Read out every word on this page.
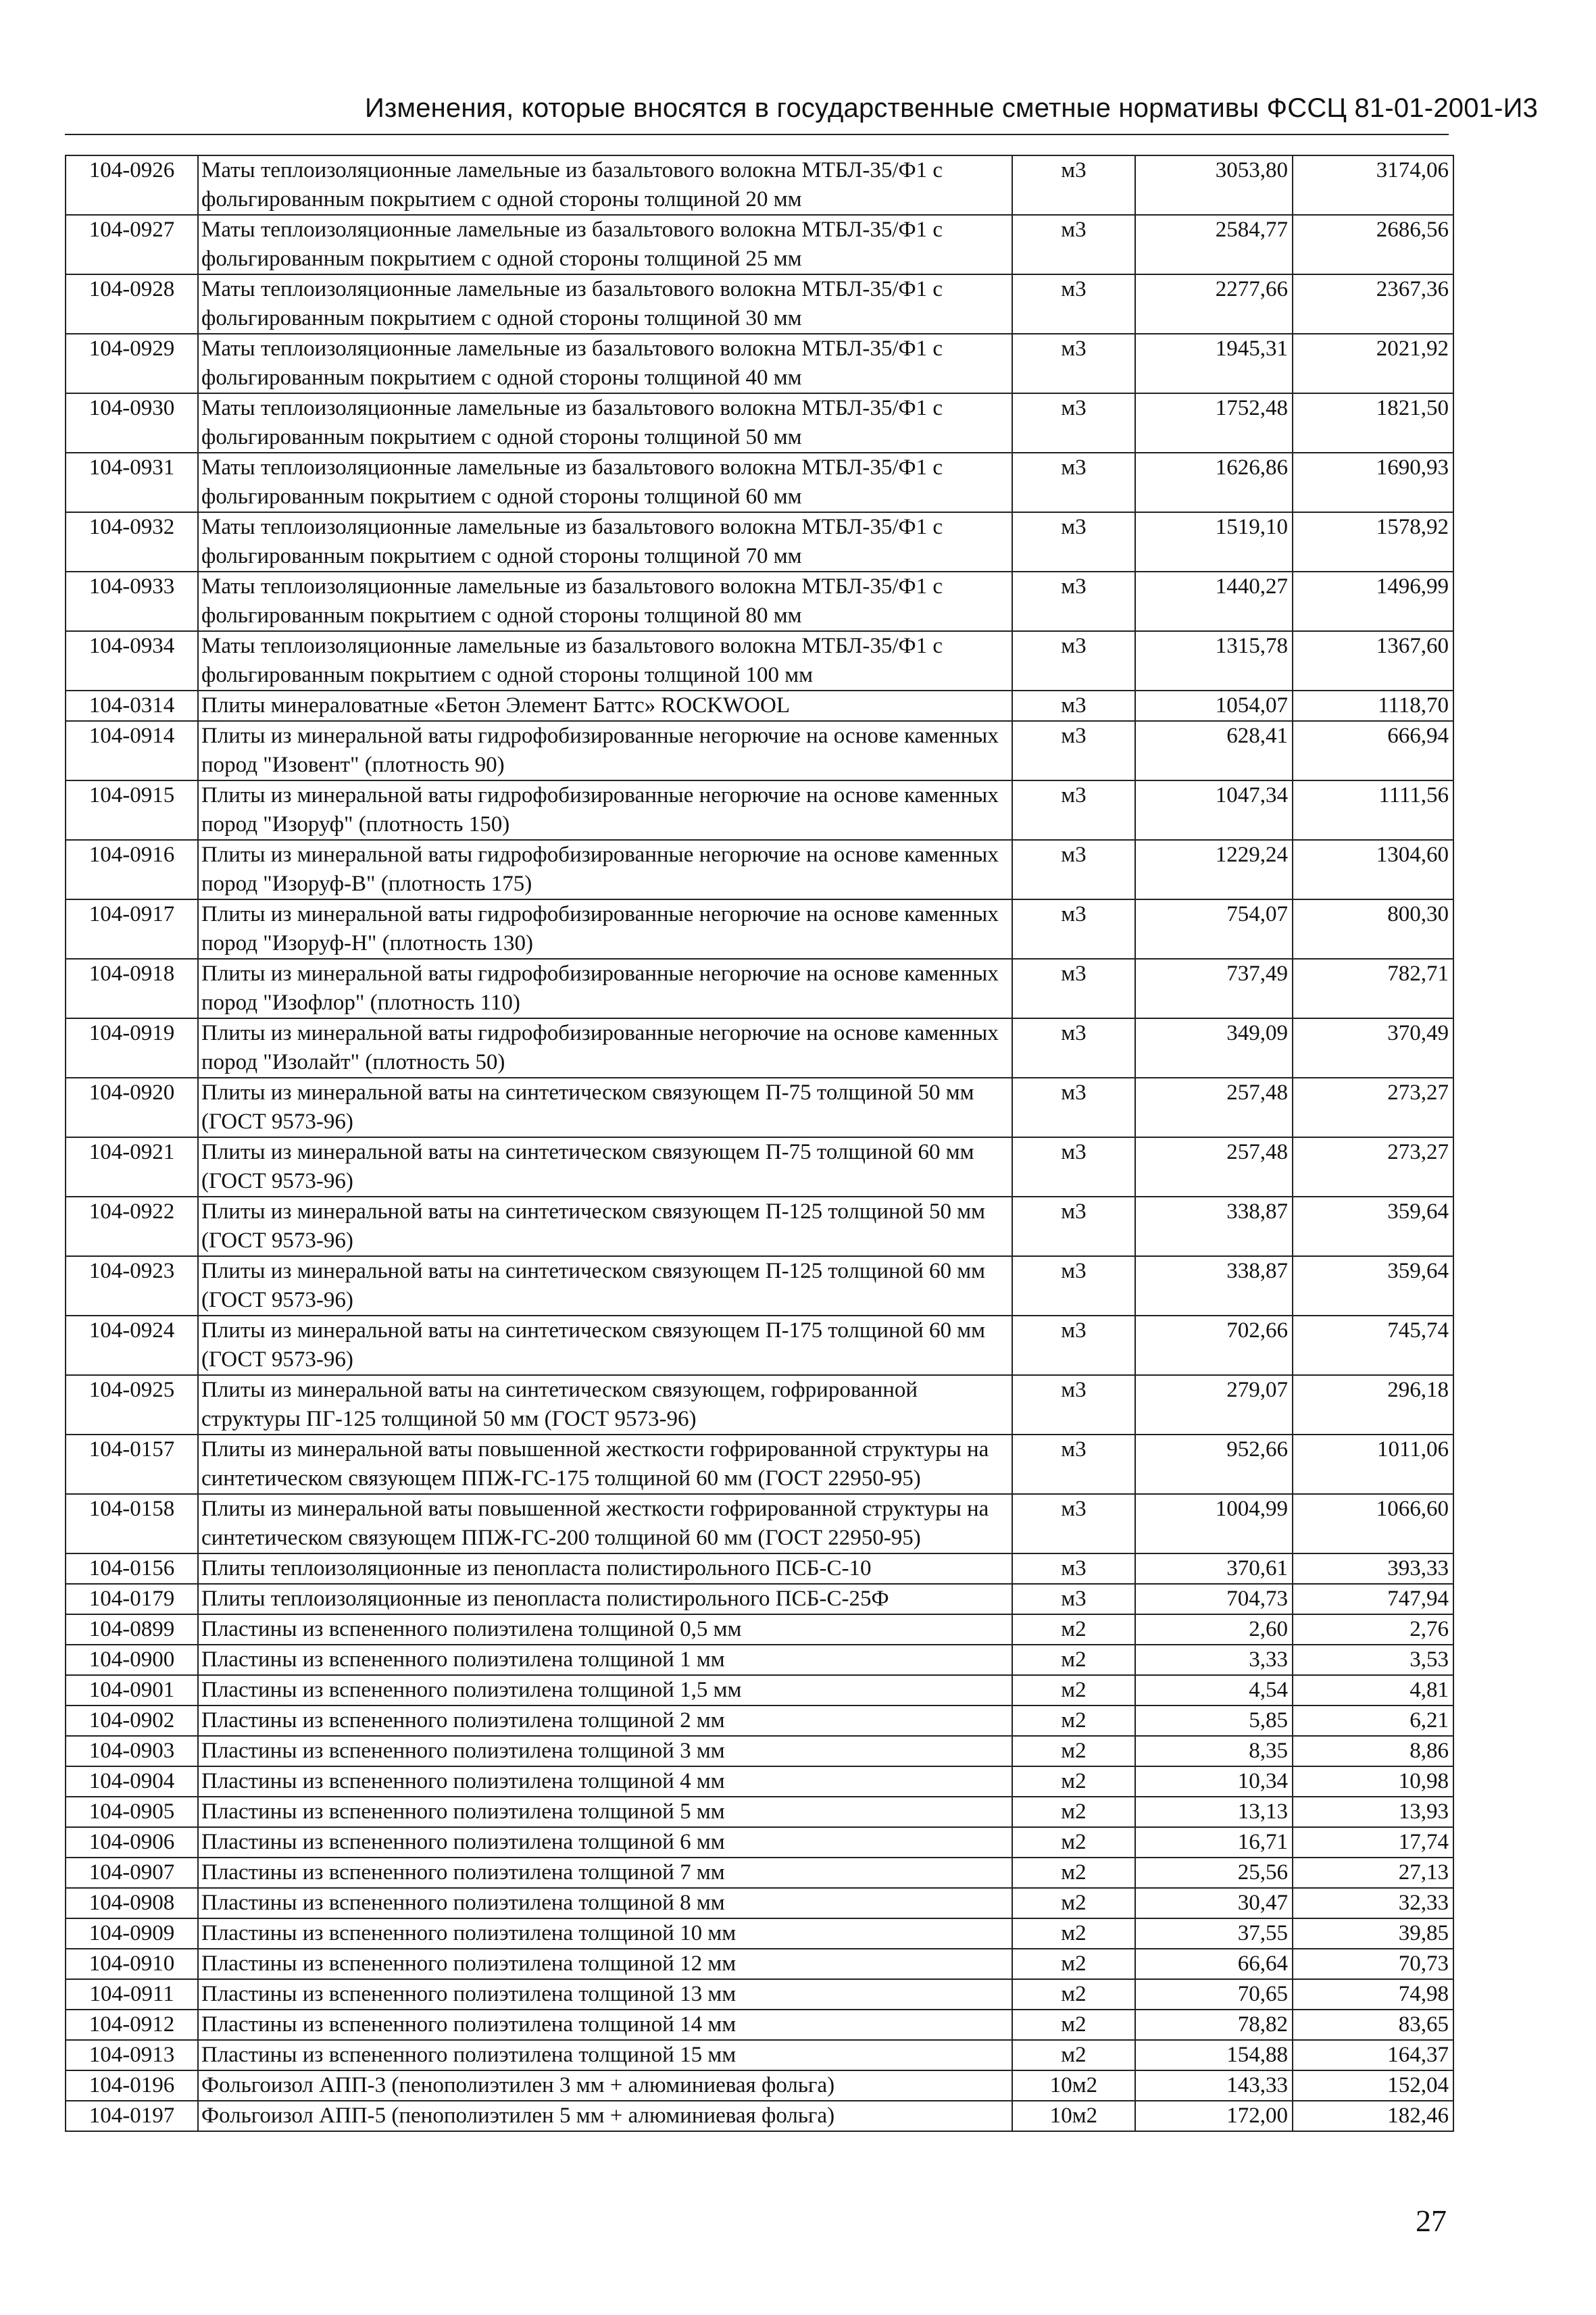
Изменения, которые вносятся в государственные сметные нормативы ФССЦ 81-01-2001-И3
104-0926	Маты теплоизоляционные ламельные из базальтового волокна МТБЛ-35/Ф1 с фольгированным покрытием с одной стороны толщиной 20 мм	м3	3053,80	3174,06
104-0927	Маты теплоизоляционные ламельные из базальтового волокна МТБЛ-35/Ф1 с фольгированным покрытием с одной стороны толщиной 25 мм	м3	2584,77	2686,56
104-0928	Маты теплоизоляционные ламельные из базальтового волокна МТБЛ-35/Ф1 с фольгированным покрытием с одной стороны толщиной 30 мм	м3	2277,66	2367,36
104-0929	Маты теплоизоляционные ламельные из базальтового волокна МТБЛ-35/Ф1 с фольгированным покрытием с одной стороны толщиной 40 мм	м3	1945,31	2021,92
104-0930	Маты теплоизоляционные ламельные из базальтового волокна МТБЛ-35/Ф1 с фольгированным покрытием с одной стороны толщиной 50 мм	м3	1752,48	1821,50
104-0931	Маты теплоизоляционные ламельные из базальтового волокна МТБЛ-35/Ф1 с фольгированным покрытием с одной стороны толщиной 60 мм	м3	1626,86	1690,93
104-0932	Маты теплоизоляционные ламельные из базальтового волокна МТБЛ-35/Ф1 с фольгированным покрытием с одной стороны толщиной 70 мм	м3	1519,10	1578,92
104-0933	Маты теплоизоляционные ламельные из базальтового волокна МТБЛ-35/Ф1 с фольгированным покрытием с одной стороны толщиной 80 мм	м3	1440,27	1496,99
104-0934	Маты теплоизоляционные ламельные из базальтового волокна МТБЛ-35/Ф1 с фольгированным покрытием с одной стороны толщиной 100 мм	м3	1315,78	1367,60
104-0314	Плиты минераловатные «Бетон Элемент Баттс» ROCKWOOL	м3	1054,07	1118,70
104-0914	Плиты из минеральной ваты гидрофобизированные негорючие на основе каменных пород "Изовент" (плотность 90)	м3	628,41	666,94
104-0915	Плиты из минеральной ваты гидрофобизированные негорючие на основе каменных пород "Изоруф" (плотность 150)	м3	1047,34	1111,56
104-0916	Плиты из минеральной ваты гидрофобизированные негорючие на основе каменных пород "Изоруф-В" (плотность 175)	м3	1229,24	1304,60
104-0917	Плиты из минеральной ваты гидрофобизированные негорючие на основе каменных пород "Изоруф-Н" (плотность 130)	м3	754,07	800,30
104-0918	Плиты из минеральной ваты гидрофобизированные негорючие на основе каменных пород "Изофлор" (плотность 110)	м3	737,49	782,71
104-0919	Плиты из минеральной ваты гидрофобизированные негорючие на основе каменных пород "Изолайт" (плотность 50)	м3	349,09	370,49
104-0920	Плиты из минеральной ваты на синтетическом связующем П-75 толщиной 50 мм (ГОСТ 9573-96)	м3	257,48	273,27
104-0921	Плиты из минеральной ваты на синтетическом связующем П-75 толщиной 60 мм (ГОСТ 9573-96)	м3	257,48	273,27
104-0922	Плиты из минеральной ваты на синтетическом связующем П-125 толщиной 50 мм (ГОСТ 9573-96)	м3	338,87	359,64
104-0923	Плиты из минеральной ваты на синтетическом связующем П-125 толщиной 60 мм (ГОСТ 9573-96)	м3	338,87	359,64
104-0924	Плиты из минеральной ваты на синтетическом связующем П-175 толщиной 60 мм (ГОСТ 9573-96)	м3	702,66	745,74
104-0925	Плиты из минеральной ваты на синтетическом связующем, гофрированной структуры ПГ-125 толщиной 50 мм (ГОСТ 9573-96)	м3	279,07	296,18
104-0157	Плиты из минеральной ваты повышенной жесткости гофрированной структуры на синтетическом связующем ППЖ-ГС-175 толщиной 60 мм (ГОСТ 22950-95)	м3	952,66	1011,06
104-0158	Плиты из минеральной ваты повышенной жесткости гофрированной структуры на синтетическом связующем ППЖ-ГС-200 толщиной 60 мм (ГОСТ 22950-95)	м3	1004,99	1066,60
104-0156	Плиты теплоизоляционные из пенопласта полистирольного ПСБ-С-10	м3	370,61	393,33
104-0179	Плиты теплоизоляционные из пенопласта полистирольного ПСБ-С-25Ф	м3	704,73	747,94
104-0899	Пластины из вспененного полиэтилена толщиной 0,5 мм	м2	2,60	2,76
104-0900	Пластины из вспененного полиэтилена толщиной 1 мм	м2	3,33	3,53
104-0901	Пластины из вспененного полиэтилена толщиной 1,5 мм	м2	4,54	4,81
104-0902	Пластины из вспененного полиэтилена толщиной 2 мм	м2	5,85	6,21
104-0903	Пластины из вспененного полиэтилена толщиной 3 мм	м2	8,35	8,86
104-0904	Пластины из вспененного полиэтилена толщиной 4 мм	м2	10,34	10,98
104-0905	Пластины из вспененного полиэтилена толщиной 5 мм	м2	13,13	13,93
104-0906	Пластины из вспененного полиэтилена толщиной 6 мм	м2	16,71	17,74
104-0907	Пластины из вспененного полиэтилена толщиной 7 мм	м2	25,56	27,13
104-0908	Пластины из вспененного полиэтилена толщиной 8 мм	м2	30,47	32,33
104-0909	Пластины из вспененного полиэтилена толщиной 10 мм	м2	37,55	39,85
104-0910	Пластины из вспененного полиэтилена толщиной 12 мм	м2	66,64	70,73
104-0911	Пластины из вспененного полиэтилена толщиной 13 мм	м2	70,65	74,98
104-0912	Пластины из вспененного полиэтилена толщиной 14 мм	м2	78,82	83,65
104-0913	Пластины из вспененного полиэтилена толщиной 15 мм	м2	154,88	164,37
104-0196	Фольгоизол АПП-3 (пенополиэтилен 3 мм + алюминиевая фольга)	10м2	143,33	152,04
104-0197	Фольгоизол АПП-5 (пенополиэтилен 5 мм + алюминиевая фольга)	10м2	172,00	182,46
27
